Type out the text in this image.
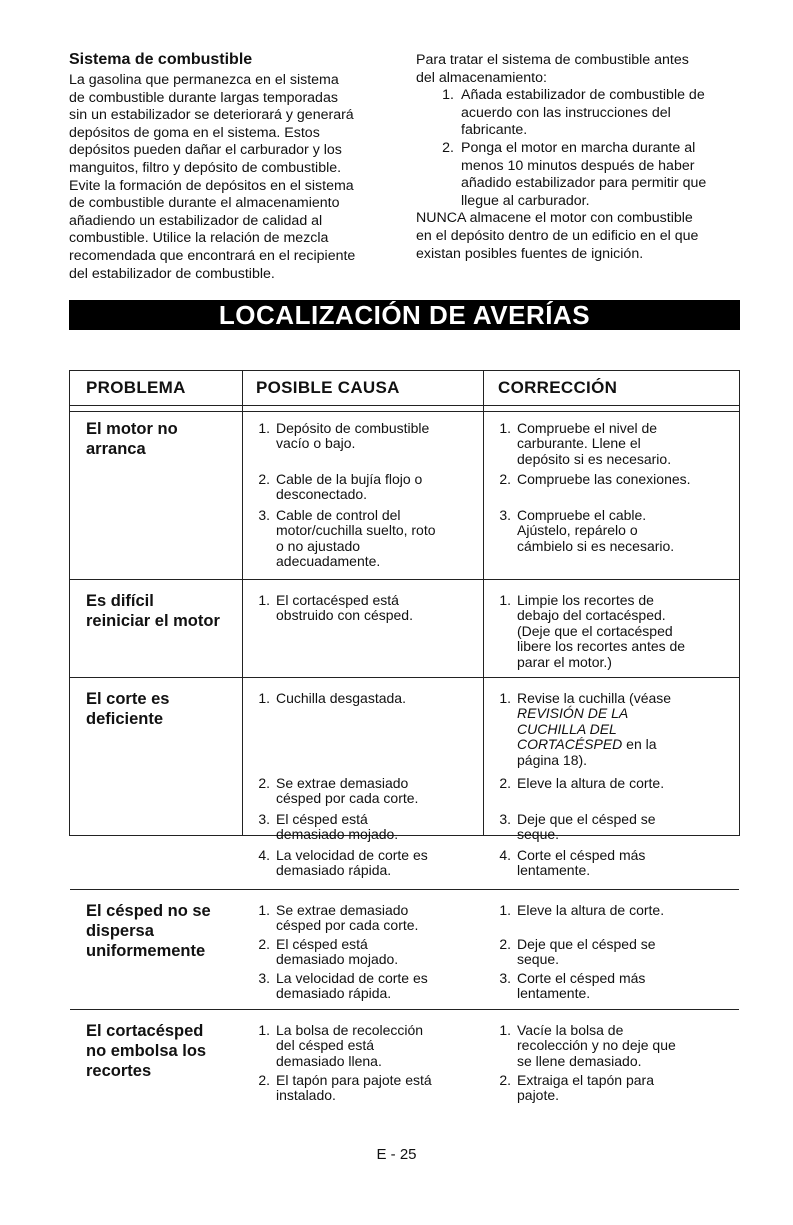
Sistema de combustible

La gasolina que permanezca en el sistema
de combustible durante largas temporadas
sin un estabilizador se deteriorará y generará
depósitos de goma en el sistema. Estos
depósitos pueden dañar el carburador y los
manguitos, filtro y depósito de combustible.
Evite la formación de depósitos en el sistema
de combustible durante el almacenamiento
añadiendo un estabilizador de calidad al
combustible. Utilice la relación de mezcla
recomendada que encontrará en el recipiente
del estabilizador de combustible.

Para tratar el sistema de combustible antes
del almacenamiento:

1. Añada estabilizador de combustible de
acuerdo con las instrucciones del
fabricante.
2. Ponga el motor en marcha durante al
menos 10 minutos después de haber
añadido estabilizador para permitir que
llegue al carburador.

NUNCA almacene el motor con combustible
en el depósito dentro de un edificio en el que
existan posibles fuentes de ignición.

LOCALIZACIÓN DE AVERÍAS
PROBLEMA	POSIBLE CAUSA	CORRECCIÓN
El motor no
arranca
1. Depósito de combustible
vacío o bajo.
2. Cable de la bujía flojo o
desconectado.
3. Cable de control del
motor/cuchilla suelto, roto
o no ajustado
adecuadamente.
1. Compruebe el nivel de
carburante. Llene el
depósito si es necesario.
2. Compruebe las conexiones.
3. Compruebe el cable.
Ajústelo, repárelo o
cámbielo si es necesario.
Es difícil
reiniciar el motor
1. El cortacésped está
obstruido con césped.
1. Limpie los recortes de
debajo del cortacésped.
(Deje que el cortacésped
libere los recortes antes de
parar el motor.)
El corte es
deficiente
1. Cuchilla desgastada.
2. Se extrae demasiado
césped por cada corte.
3. El césped está
demasiado mojado.
4. La velocidad de corte es
demasiado rápida.
1. Revise la cuchilla (véase
REVISIÓN DE LA
CUCHILLA DEL
CORTACÉSPED en la
página 18).
2. Eleve la altura de corte.
3. Deje que el césped se
seque.
4. Corte el césped más
lentamente.
El césped no se
dispersa
uniformemente
1. Se extrae demasiado
césped por cada corte.
2. El césped está
demasiado mojado.
3. La velocidad de corte es
demasiado rápida.
1. Eleve la altura de corte.
2. Deje que el césped se
seque.
3. Corte el césped más
lentamente.
El cortacésped
no embolsa los
recortes
1. La bolsa de recolección
del césped está
demasiado llena.
2. El tapón para pajote está
instalado.
1. Vacíe la bolsa de
recolección y no deje que
se llene demasiado.
2. Extraiga el tapón para
pajote.
E - 25
